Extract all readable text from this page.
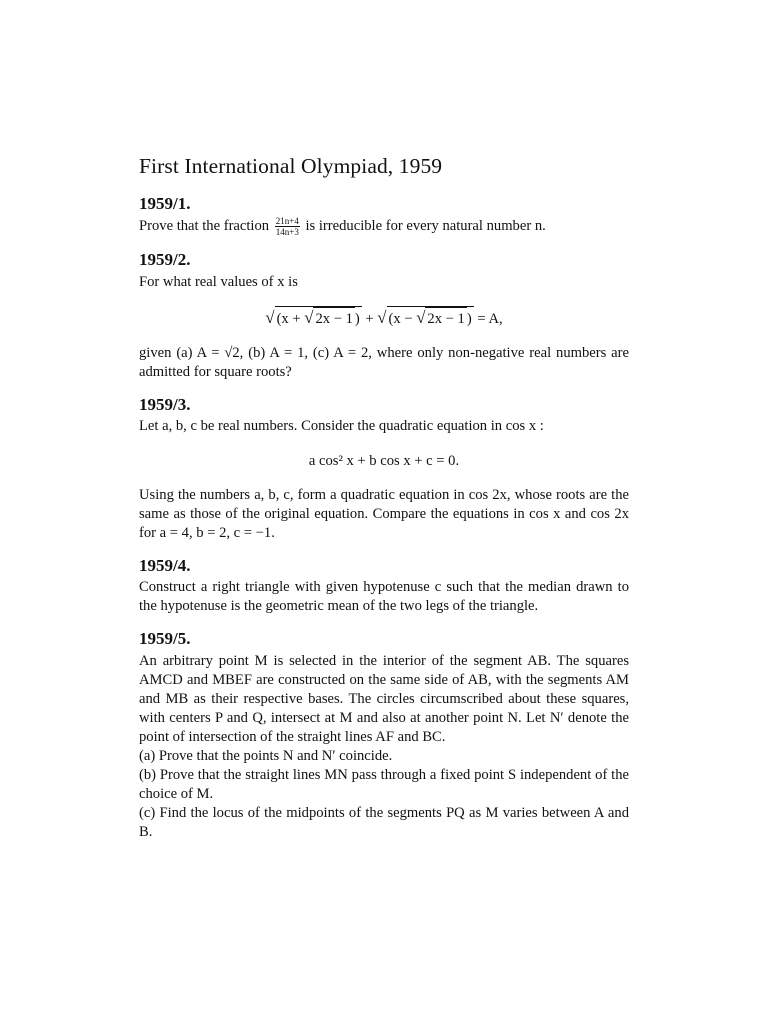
First International Olympiad, 1959
1959/1.

Prove that the fraction $\frac{21n+4}{14n+3}$ is irreducible for every natural number n.

1959/2.

For what real values of x is

√ (x + √ 2x − 1 ) + √ (x − √ 2x − 1 ) = A,

given (a) A = √2, (b) A = 1, (c) A = 2, where only non-negative real numbers are admitted for square roots?

1959/3.

Let a, b, c be real numbers. Consider the quadratic equation in cos x :

a cos² x + b cos x + c = 0.

Using the numbers a, b, c, form a quadratic equation in cos 2x, whose roots are the same as those of the original equation. Compare the equations in cos x and cos 2x for a = 4, b = 2, c = −1.

1959/4.

Construct a right triangle with given hypotenuse c such that the median drawn to the hypotenuse is the geometric mean of the two legs of the triangle.

1959/5.

An arbitrary point M is selected in the interior of the segment AB. The squares AMCD and MBEF are constructed on the same side of AB, with the segments AM and MB as their respective bases. The circles circumscribed about these squares, with centers P and Q, intersect at M and also at another point N. Let N′ denote the point of intersection of the straight lines AF and BC.

(a) Prove that the points N and N′ coincide.

(b) Prove that the straight lines MN pass through a fixed point S independent of the choice of M.

(c) Find the locus of the midpoints of the segments PQ as M varies between A and B.
